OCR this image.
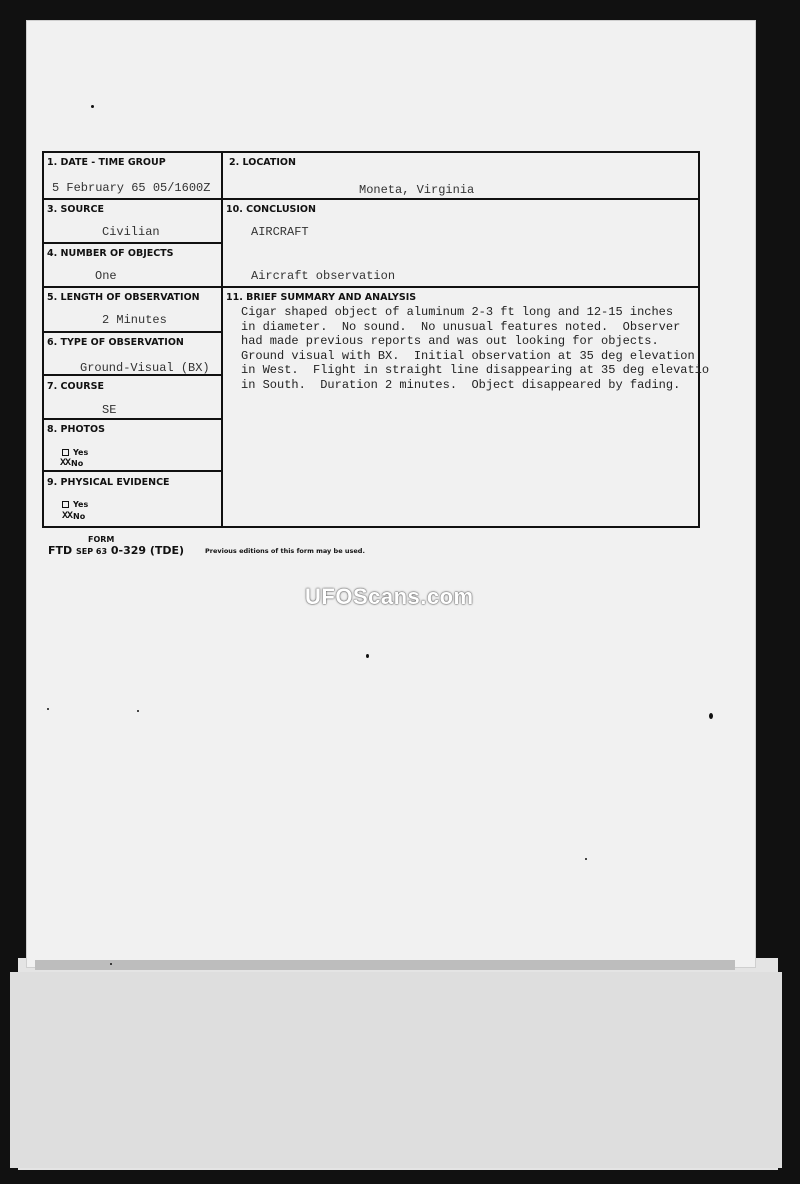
1. DATE - TIME GROUP
5 February 65 05/1600Z
2. LOCATION
Moneta, Virginia
3. SOURCE
Civilian
10. CONCLUSION
AIRCRAFT
Aircraft observation
4. NUMBER OF OBJECTS
One
5. LENGTH OF OBSERVATION
2 Minutes
11. BRIEF SUMMARY AND ANALYSIS
Cigar shaped object of aluminum 2-3 ft long and 12-15 inches
in diameter.  No sound.  No unusual features noted.  Observer
had made previous reports and was out looking for objects.
Ground visual with BX.  Initial observation at 35 deg elevation
in West.  Flight in straight line disappearing at 35 deg elevatio
in South.  Duration 2 minutes.  Object disappeared by fading.
6. TYPE OF OBSERVATION
Ground-Visual (BX)
7. COURSE
SE
8. PHOTOS
Yes
XXNo
9. PHYSICAL EVIDENCE
Yes
XXNo
FORM
FTD SEP 63 0-329 (TDE)	Previous editions of this form may be used.
UFOScans.com
